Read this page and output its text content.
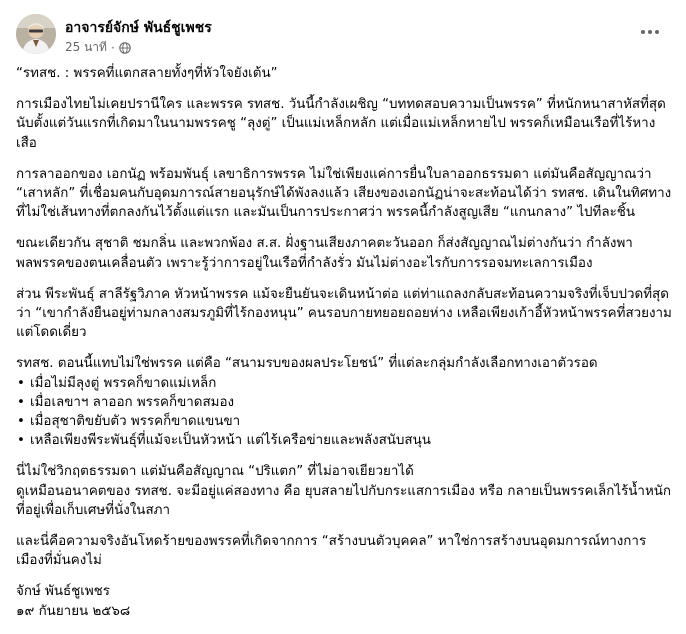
อาจารย์จักษ์ พันธ์ชูเพชร
25 นาที ·

“รทสช. : พรรคที่แตกสลายทั้งๆที่หัวใจยังเต้น”

การเมืองไทยไม่เคยปรานีใคร และพรรค รทสช. วันนี้กำลังเผชิญ “บททดสอบความเป็นพรรค” ที่หนักหนาสาหัสที่สุด นับตั้งแต่วันแรกที่เกิดมาในนามพรรคชู “ลุงตู่” เป็นแม่เหล็กหลัก แต่เมื่อแม่เหล็กหายไป พรรคก็เหมือนเรือที่ไร้หางเสือ

การลาออกของ เอกนัฏ พร้อมพันธุ์ เลขาธิการพรรค ไม่ใช่เพียงแค่การยื่นใบลาออกธรรมดา แต่มันคือสัญญาณว่า “เสาหลัก” ที่เชื่อมคนกับอุดมการณ์สายอนุรักษ์ได้พังลงแล้ว เสียงของเอกนัฏน่าจะสะท้อนได้ว่า รทสช. เดินในทิศทางที่ไม่ใช่เส้นทางที่ตกลงกันไว้ตั้งแต่แรก และมันเป็นการประกาศว่า พรรคนี้กำลังสูญเสีย “แกนกลาง” ไปทีละชิ้น

ขณะเดียวกัน สุชาติ ชมกลิ่น และพวกพ้อง ส.ส. ฝั่งฐานเสียงภาคตะวันออก ก็ส่งสัญญาณไม่ต่างกันว่า กำลังพาพลพรรคของตนเคลื่อนตัว เพราะรู้ว่าการอยู่ในเรือที่กำลังรั่ว มันไม่ต่างอะไรกับการรอจมทะเลการเมือง

ส่วน พีระพันธุ์ สาลีรัฐวิภาค หัวหน้าพรรค แม้จะยืนยันจะเดินหน้าต่อ แต่ท่าแถลงกลับสะท้อนความจริงที่เจ็บปวดที่สุดว่า “เขากำลังยืนอยู่ท่ามกลางสมรภูมิที่ไร้กองหนุน” คนรอบกายทยอยถอยห่าง เหลือเพียงเก้าอี้หัวหน้าพรรคที่สวยงามแต่โดดเดี่ยว

รทสช. ตอนนี้แทบไม่ใช่พรรค แต่คือ “สนามรบของผลประโยชน์” ที่แต่ละกลุ่มกำลังเลือกทางเอาตัวรอด

• เมื่อไม่มีลุงตู่ พรรคก็ขาดแม่เหล็ก
• เมื่อเลขาฯ ลาออก พรรคก็ขาดสมอง
• เมื่อสุชาติขยับตัว พรรคก็ขาดแขนขา
• เหลือเพียงพีระพันธุ์ที่แม้จะเป็นหัวหน้า แต่ไร้เครือข่ายและพลังสนับสนุน

นี่ไม่ใช่วิกฤตธรรมดา แต่มันคือสัญญาณ “ปริแตก” ที่ไม่อาจเยียวยาได้

ดูเหมือนอนาคตของ รทสช. จะมีอยู่แค่สองทาง คือ ยุบสลายไปกับกระแสการเมือง หรือ กลายเป็นพรรคเล็กไร้น้ำหนักที่อยู่เพื่อเก็บเศษที่นั่งในสภา

และนี่คือความจริงอันโหดร้ายของพรรคที่เกิดจากการ “สร้างบนตัวบุคคล” หาใช่การสร้างบนอุดมการณ์ทางการเมืองที่มั่นคงไม่

จักษ์ พันธ์ชูเพชร

๑๙ กันยายน ๒๕๖๘
